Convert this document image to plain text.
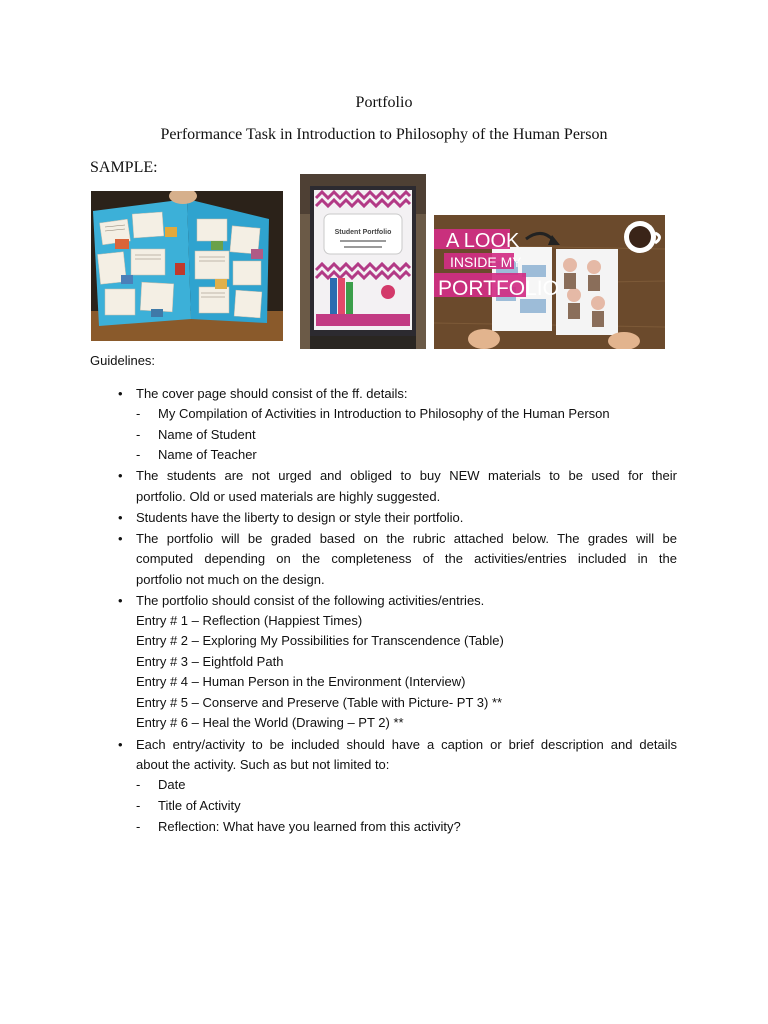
Portfolio
Performance Task in Introduction to Philosophy of the Human Person
SAMPLE:
Student Portfolio	A LOOK
INSIDE MY
PORTFOLIO
Guidelines:
• The cover page should consist of the ff. details:
- My Compilation of Activities in Introduction to Philosophy of the Human Person
- Name of Student
- Name of Teacher
• The students are not urged and obliged to buy NEW materials to be used for their
portfolio. Old or used materials are highly suggested.
• Students have the liberty to design or style their portfolio.
• The portfolio will be graded based on the rubric attached below. The grades will be
computed depending on the completeness of the activities/entries included in the
portfolio not much on the design.
• The portfolio should consist of the following activities/entries.
Entry # 1 – Reflection (Happiest Times)
Entry # 2 – Exploring My Possibilities for Transcendence (Table)
Entry # 3 – Eightfold Path
Entry # 4 – Human Person in the Environment (Interview)
Entry # 5 – Conserve and Preserve (Table with Picture- PT 3) **
Entry # 6 – Heal the World (Drawing – PT 2) **
• Each entry/activity to be included should have a caption or brief description and details
about the activity. Such as but not limited to:
- Date
- Title of Activity
- Reflection: What have you learned from this activity?
